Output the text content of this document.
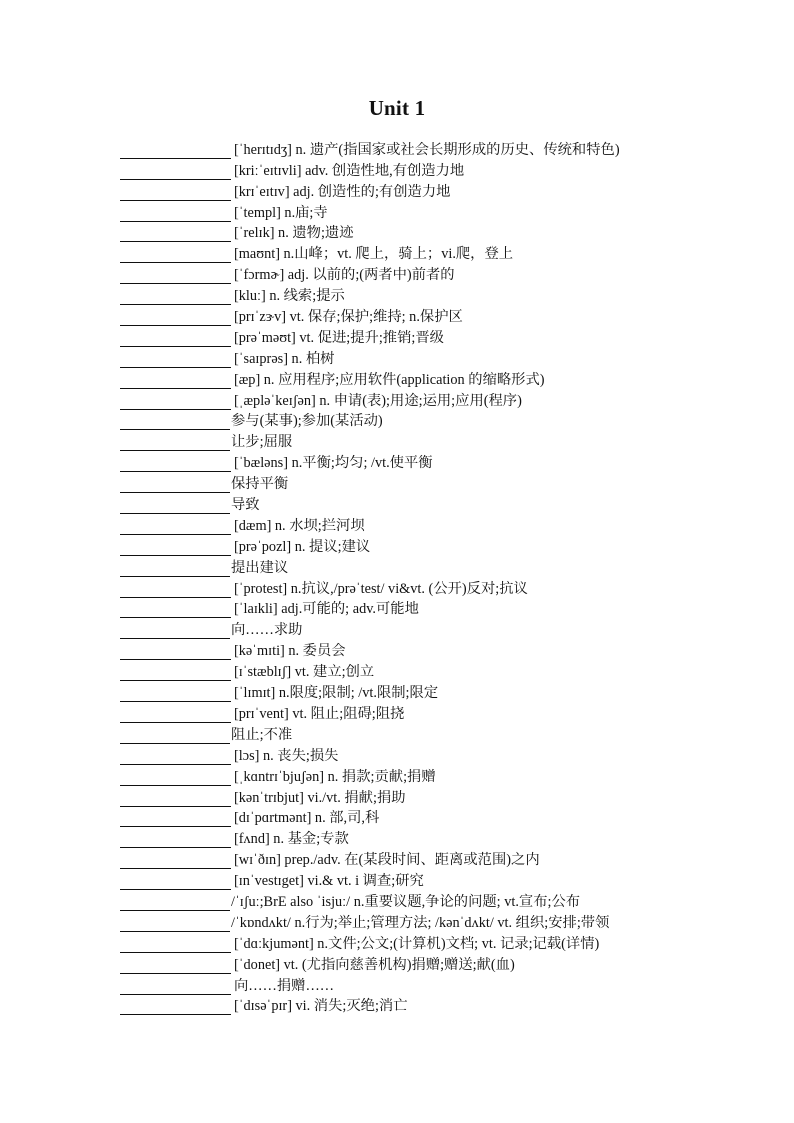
Unit 1
[ˈherɪtɪdʒ] n. 遗产(指国家或社会长期形成的历史、传统和特色)
[kriːˈeɪtɪvli] adv. 创造性地,有创造力地
[krɪˈeɪtɪv] adj. 创造性的;有创造力地
[ˈtempl] n.庙;寺
[ˈrelɪk] n. 遗物;遗迹
[maʊnt] n.山峰；vt. 爬上，骑上；vi.爬，登上
[ˈfɔrmɚ] adj. 以前的;(两者中)前者的
[kluː] n. 线索;提示
[prɪˈzɝv] vt. 保存;保护;维持; n.保护区
[prəˈməʊt] vt. 促进;提升;推销;晋级
[ˈsaɪprəs] n. 柏树
[æp] n. 应用程序;应用软件(application 的缩略形式)
[ˌæpləˈkeɪʃən] n. 申请(表);用途;运用;应用(程序)
参与(某事);参加(某活动)
让步;屈服
[ˈbæləns] n.平衡;均匀; /vt.使平衡
保持平衡
导致
[dæm] n. 水坝;拦河坝
[prəˈpozl] n. 提议;建议
提出建议
[ˈprotest] n.抗议,/prəˈtest/ vi&vt. (公开)反对;抗议
[ˈlaɪkli] adj.可能的; adv.可能地
向……求助
[kəˈmɪti] n. 委员会
[ɪˈstæblɪʃ] vt. 建立;创立
[ˈlɪmɪt] n.限度;限制; /vt.限制;限定
[prɪˈvent] vt. 阻止;阻碍;阻挠
阻止;不准
[lɔs] n. 丧失;损失
[ˌkɑntrɪˈbjuʃən] n. 捐款;贡献;捐赠
[kənˈtrɪbjut] vi./vt. 捐献;捐助
[dɪˈpɑrtmənt] n. 部,司,科
[fʌnd] n. 基金;专款
[wɪˈðɪn] prep./adv. 在(某段时间、距离或范围)之内
[ɪnˈvestɪget] vi.& vt. i 调查;研究
/ˈɪʃuː;BrE also ˈisjuː/ n.重要议题,争论的问题; vt.宣布;公布
/ˈkɒndʌkt/ n.行为;举止;管理方法; /kənˈdʌkt/ vt. 组织;安排;带领
[ˈdɑːkjumənt] n.文件;公文;(计算机)文档; vt. 记录;记载(详情)
[ˈdonet] vt. (尤指向慈善机构)捐赠;赠送;献(血)
向……捐赠……
[ˈdɪsəˈpɪr] vi. 消失;灭绝;消亡
